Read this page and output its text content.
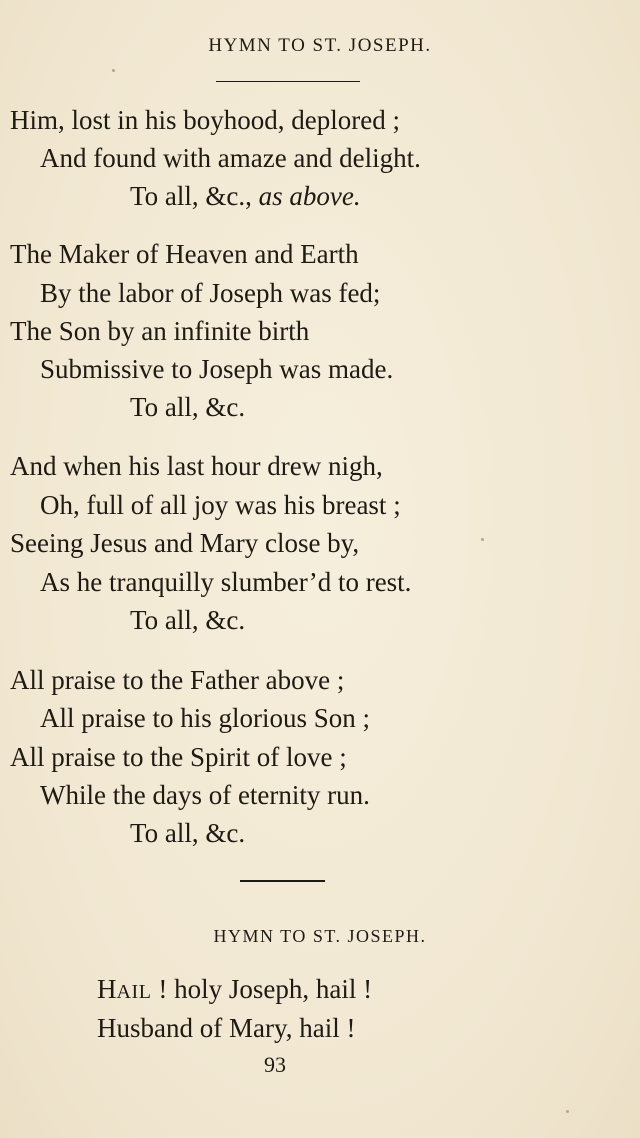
HYMN TO ST. JOSEPH.
Him, lost in his boyhood, deplored ;
And found with amaze and delight.
To all, &c., as above.
The Maker of Heaven and Earth
By the labor of Joseph was fed;
The Son by an infinite birth
Submissive to Joseph was made.
To all, &c.
And when his last hour drew nigh,
Oh, full of all joy was his breast ;
Seeing Jesus and Mary close by,
As he tranquilly slumber’d to rest.
To all, &c.
All praise to the Father above ;
All praise to his glorious Son ;
All praise to the Spirit of love ;
While the days of eternity run.
To all, &c.
HYMN TO ST. JOSEPH.
HAIL ! holy Joseph, hail !
Husband of Mary, hail !
93
